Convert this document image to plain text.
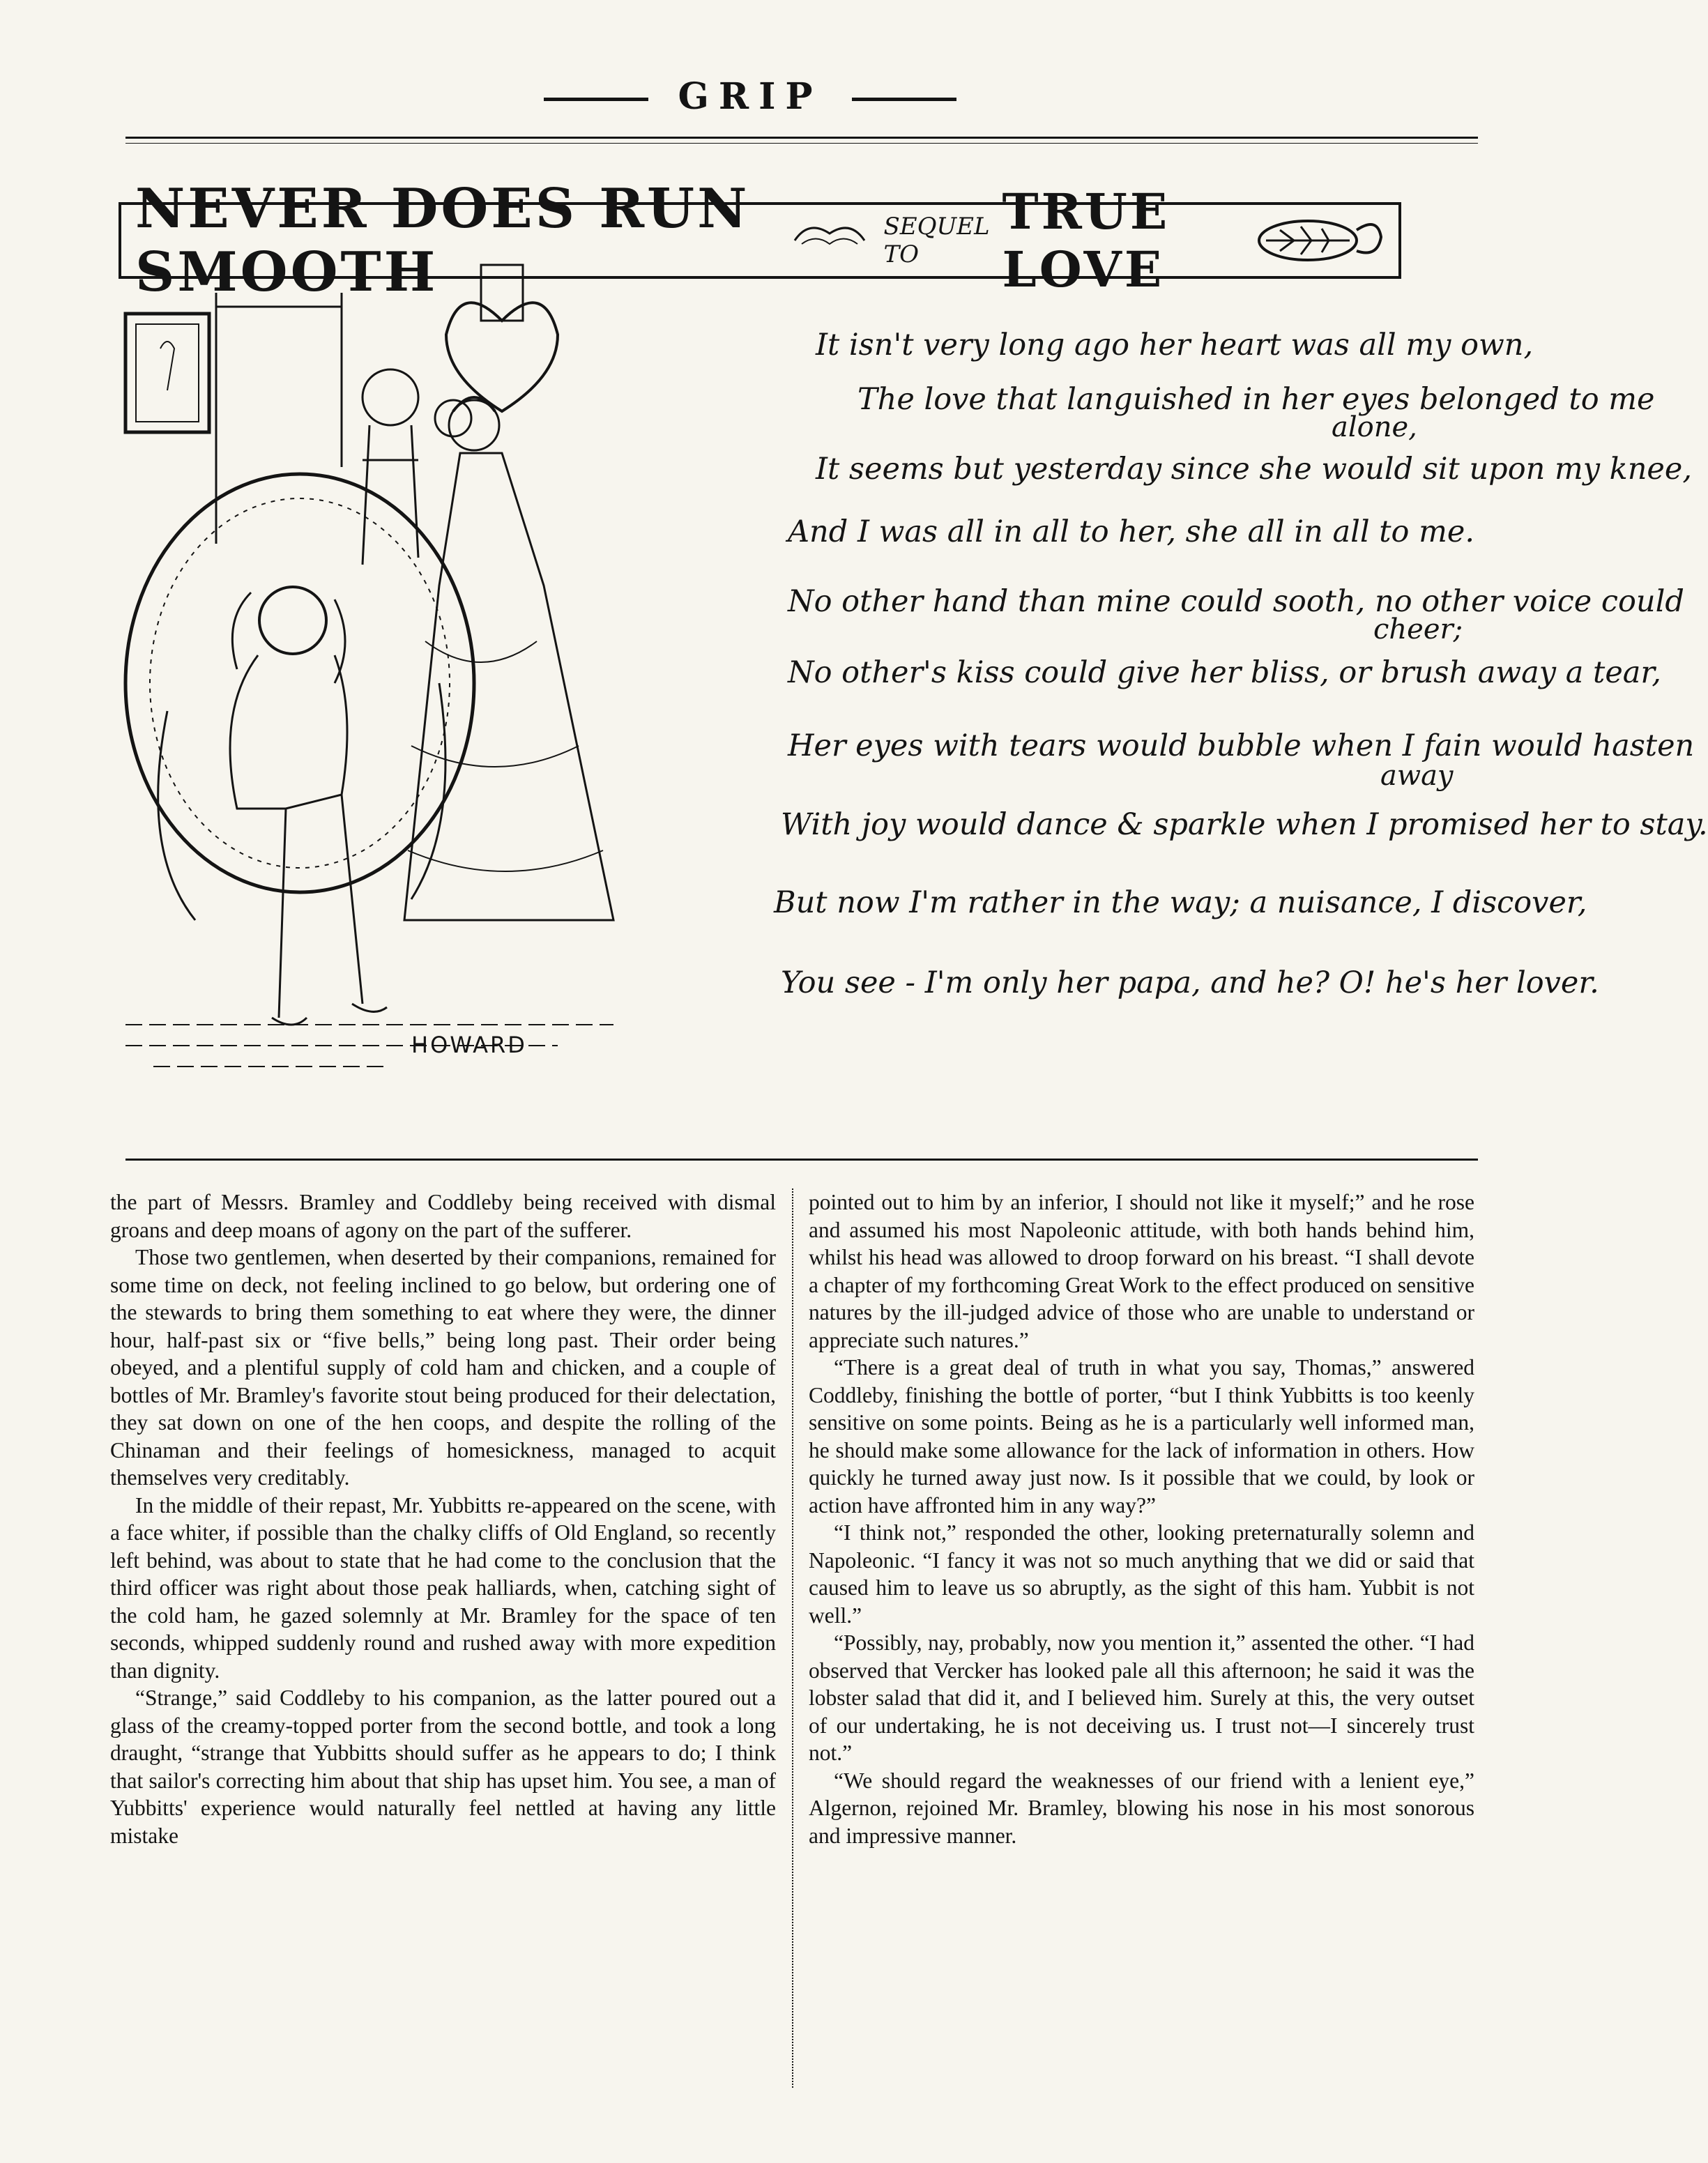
GRIP
NEVER DOES RUN SMOOTH
SEQUEL TO
TRUE LOVE
It isn't very long ago her heart was all my own,
The love that languished in her eyes belonged to me
alone,
It seems but yesterday since she would sit upon my knee,
And I was all in all to her, she all in all to me.
No other hand than mine could sooth, no other voice could
cheer;
No other's kiss could give her bliss, or brush away a tear,
Her eyes with tears would bubble when I fain would hasten
away
With joy would dance & sparkle when I promised her to stay.
But now I'm rather in the way; a nuisance, I discover,
You see - I'm only her papa, and he? O! he's her lover.
HOWARD

the part of Messrs. Bramley and Coddleby being received with dismal groans and deep moans of agony on the part of the sufferer.

Those two gentlemen, when deserted by their companions, remained for some time on deck, not feeling inclined to go below, but ordering one of the stewards to bring them something to eat where they were, the dinner hour, half-past six or “five bells,” being long past. Their order being obeyed, and a plentiful supply of cold ham and chicken, and a couple of bottles of Mr. Bramley's favorite stout being produced for their delectation, they sat down on one of the hen coops, and despite the rolling of the Chinaman and their feelings of homesickness, managed to acquit themselves very creditably.

In the middle of their repast, Mr. Yubbitts re-appeared on the scene, with a face whiter, if possible than the chalky cliffs of Old England, so recently left behind, was about to state that he had come to the conclusion that the third officer was right about those peak halliards, when, catching sight of the cold ham, he gazed solemnly at Mr. Bramley for the space of ten seconds, whipped suddenly round and rushed away with more expedition than dignity.

“Strange,” said Coddleby to his companion, as the latter poured out a glass of the creamy-topped porter from the second bottle, and took a long draught, “strange that Yubbitts should suffer as he appears to do; I think that sailor's correcting him about that ship has upset him. You see, a man of Yubbitts' experience would naturally feel nettled at having any little mistake

pointed out to him by an inferior, I should not like it myself;” and he rose and assumed his most Napoleonic attitude, with both hands behind him, whilst his head was allowed to droop forward on his breast. “I shall devote a chapter of my forthcoming Great Work to the effect produced on sensitive natures by the ill-judged advice of those who are unable to understand or appreciate such natures.”

“There is a great deal of truth in what you say, Thomas,” answered Coddleby, finishing the bottle of porter, “but I think Yubbitts is too keenly sensitive on some points. Being as he is a particularly well informed man, he should make some allowance for the lack of information in others. How quickly he turned away just now. Is it possible that we could, by look or action have affronted him in any way?”

“I think not,” responded the other, looking preternaturally solemn and Napoleonic. “I fancy it was not so much anything that we did or said that caused him to leave us so abruptly, as the sight of this ham. Yubbit is not well.”

“Possibly, nay, probably, now you mention it,” assented the other. “I had observed that Vercker has looked pale all this afternoon; he said it was the lobster salad that did it, and I believed him. Surely at this, the very outset of our undertaking, he is not deceiving us. I trust not—I sincerely trust not.”

“We should regard the weaknesses of our friend with a lenient eye,” Algernon, rejoined Mr. Bramley, blowing his nose in his most sonorous and impressive manner.
